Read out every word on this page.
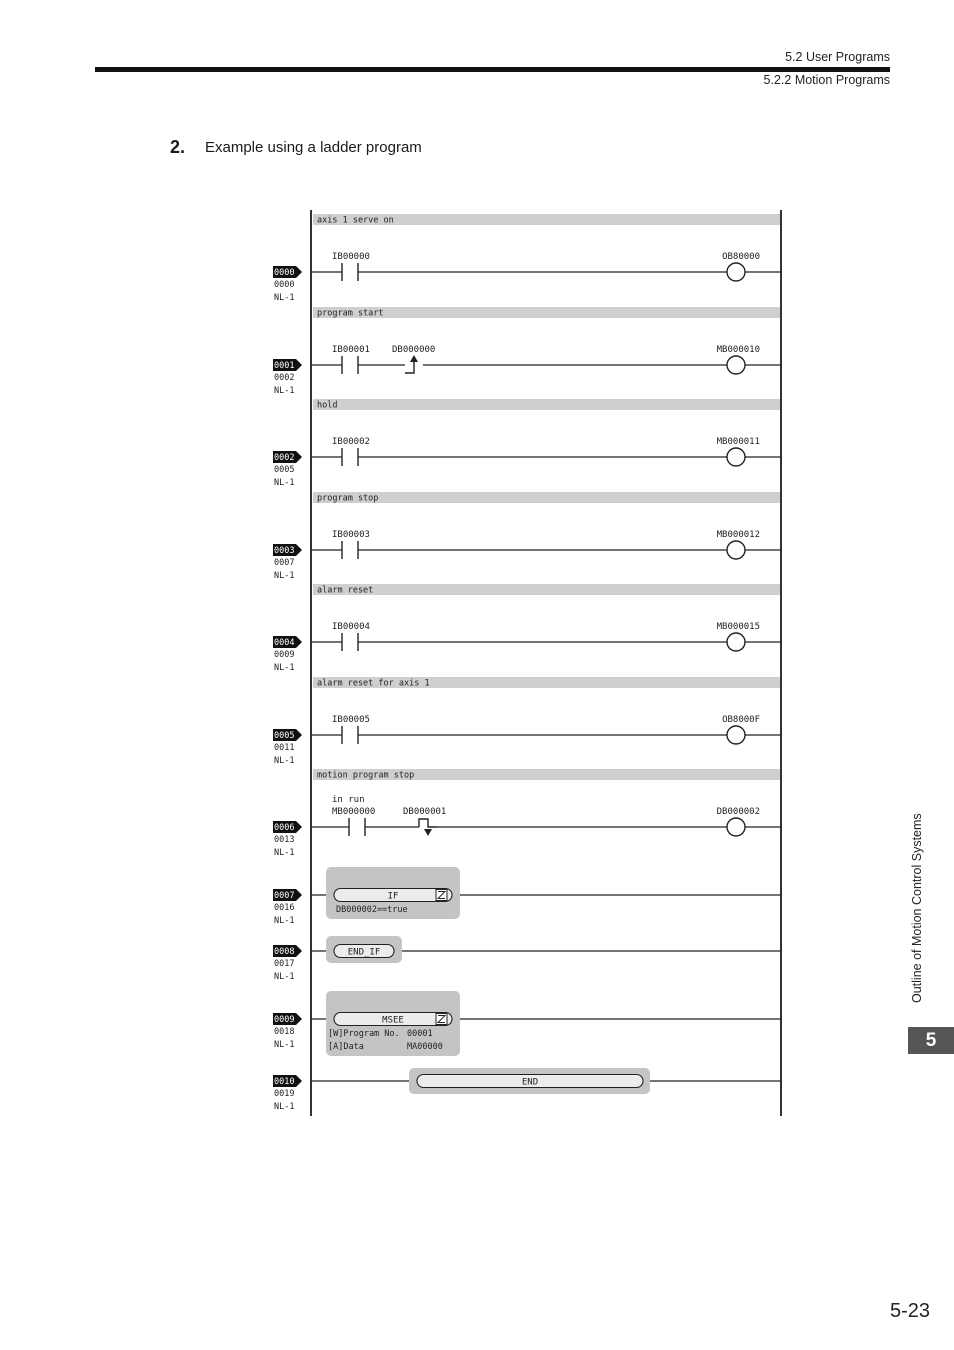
5.2 User Programs
5.2.2 Motion Programs
2. Example using a ladder program
0000
0000
NL-1
axis 1 serve on
IB00000	OB80000
0001
0002
NL-1
program start
IB00001 DB000000	MB000010
0002
0005
NL-1
hold
IB00002	MB000011
0003
0007
NL-1
program stop
IB00003	MB000012
0004
0009
NL-1
alarm reset
IB00004	MB000015
0005
0011
NL-1
alarm reset for axis 1
IB00005	OB8000F
0006
0013
NL-1
motion program stop
MB000000
in run
DB000001	DB000002
0007
0016
NL-1
0008
0017
NL-1
0009
0018
NL-1
0010
0019
NL-1
IF
DB000002==true
END_IF
MSEE
[W]Program No. 00001
[A]Data	MA00000
END
Outline of Motion Control Systems
5
5-23
